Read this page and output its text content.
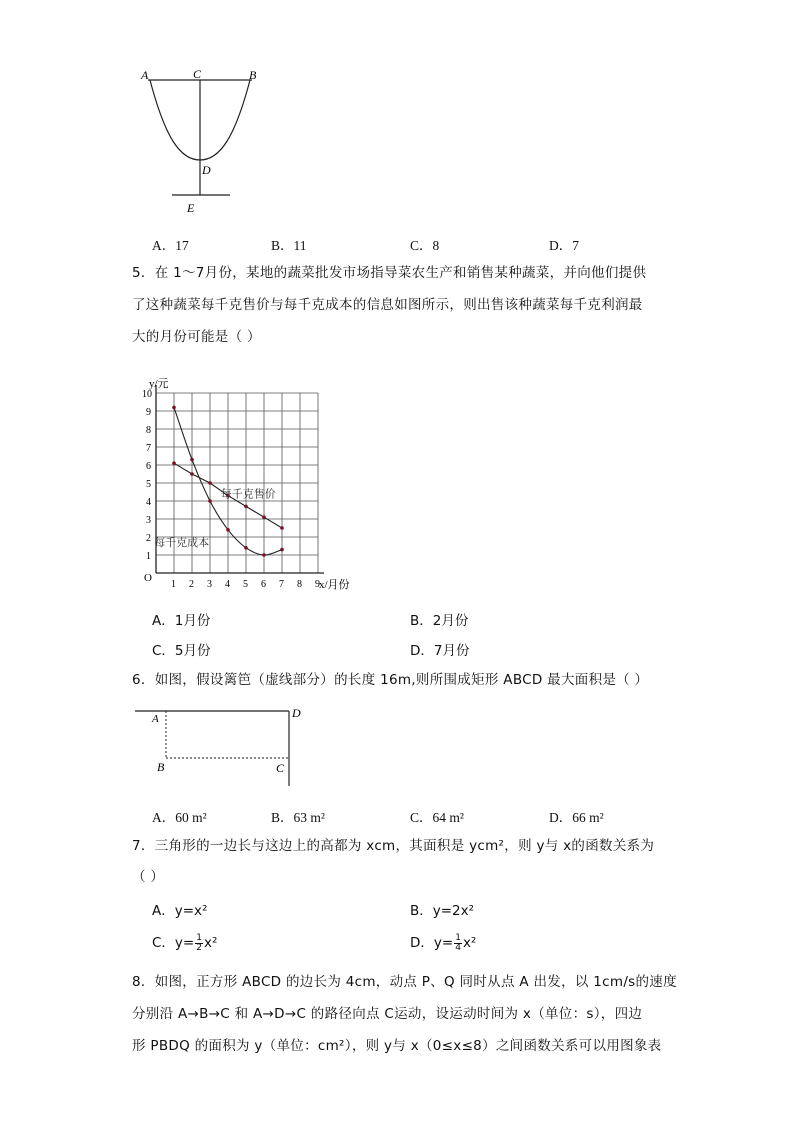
A	C	B
D
E
A．17	B．11	C．8	D．7
5．在 1～7月份，某地的蔬菜批发市场指导菜农生产和销售某种蔬菜，并向他们提供
了这种蔬菜每千克售价与每千克成本的信息如图所示，则出售该种蔬菜每千克利润最
大的月份可能是（ ）
1 2 3 4 5 6 7 8 9
1
2
3
4
5
6
7
8
9
10
O
y/元
x/月份
每千克售价
每千克成本
A．1月份	B．2月份
C．5月份	D．7月份
6．如图，假设篱笆（虚线部分）的长度 16m,则所围成矩形 ABCD 最大面积是（ ）
A	D
B	C
A．60 m²	B．63 m²	C．64 m²	D．66 m²
7．三角形的一边长与这边上的高都为 xcm，其面积是 ycm²，则 y与 x的函数关系为
（ ）
A．y=x²	B．y=2x²
C．$y= \frac{1}{2} x^2$	D．$y= \frac{1}{4} x^2$
8．如图，正方形 ABCD 的边长为 4cm，动点 P、Q 同时从点 A 出发，以 1cm/s的速度
分别沿 A→B→C 和 A→D→C 的路径向点 C运动，设运动时间为 x（单位：s），四边
形 PBDQ 的面积为 y（单位：cm²），则 y与 x（0≤x≤8）之间函数关系可以用图象表
